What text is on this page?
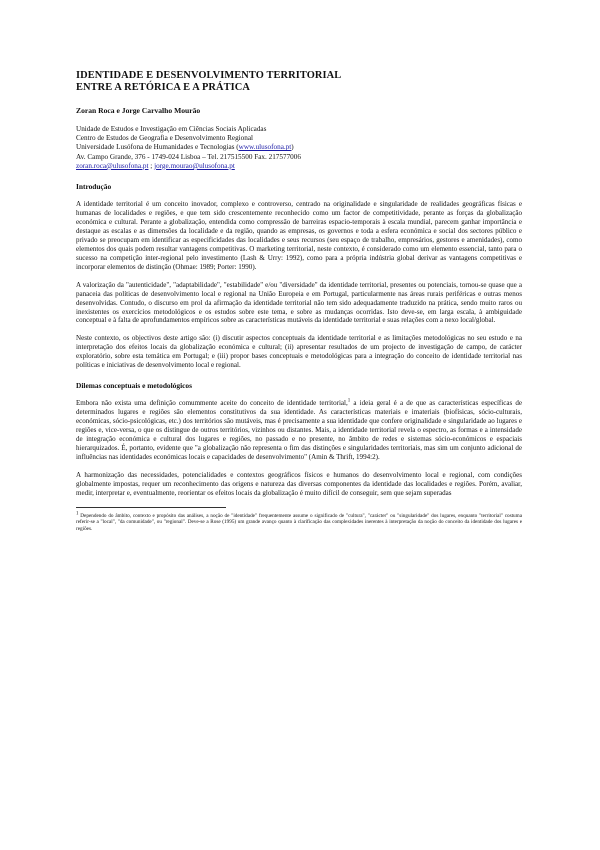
IDENTIDADE E DESENVOLVIMENTO TERRITORIAL
ENTRE A RETÓRICA E A PRÁTICA
Zoran Roca e Jorge Carvalho Mourão
Unidade de Estudos e Investigação em Ciências Sociais Aplicadas
Centro de Estudos de Geografia e Desenvolvimento Regional
Universidade Lusófona de Humanidades e Tecnologias (www.ulusofona.pt)
Av. Campo Grande, 376 - 1749-024 Lisboa – Tel. 217515500 Fax. 217577006
zoran.roca@ulusofona.pt ; jorge.mourao@ulusofona.pt
Introdução

A identidade territorial é um conceito inovador, complexo e controverso, centrado na originalidade e singularidade de realidades geográficas físicas e humanas de localidades e regiões, e que tem sido crescentemente reconhecido como um factor de competitividade, perante as forças da globalização económica e cultural. Perante a globalização, entendida como compressão de barreiras espacio-temporais à escala mundial, parecem ganhar importância e destaque as escalas e as dimensões da localidade e da região, quando as empresas, os governos e toda a esfera económica e social dos sectores público e privado se preocupam em identificar as especificidades das localidades e seus recursos (seu espaço de trabalho, empresários, gestores e amenidades), como elementos dos quais podem resultar vantagens competitivas. O marketing territorial, neste contexto, é considerado como um elemento essencial, tanto para o sucesso na competição inter-regional pelo investimento (Lash & Urry: 1992), como para a própria indústria global derivar as vantagens competitivas e incorporar elementos de distinção (Ohmae: 1989; Porter: 1990).

A valorização da "autenticidade", "adaptabilidade", "estabilidade" e/ou "diversidade" da identidade territorial, presentes ou potenciais, tornou-se quase que a panaceia das políticas de desenvolvimento local e regional na União Europeia e em Portugal, particularmente nas áreas rurais periféricas e outras menos desenvolvidas. Contudo, o discurso em prol da afirmação da identidade territorial não tem sido adequadamente traduzido na prática, sendo muito raros ou inexistentes os exercícios metodológicos e os estudos sobre este tema, e sobre as mudanças ocorridas. Isto deve-se, em larga escala, à ambiguidade conceptual e à falta de aprofundamentos empíricos sobre as características mutáveis da identidade territorial e suas relações com a nexo local/global.

Neste contexto, os objectivos deste artigo são: (i) discutir aspectos conceptuais da identidade territorial e as limitações metodológicas no seu estudo e na interpretação dos efeitos locais da globalização económica e cultural; (ii) apresentar resultados de um projecto de investigação de campo, de carácter exploratório, sobre esta temática em Portugal; e (iii) propor bases conceptuais e metodológicas para a integração do conceito de identidade territorial nas políticas e iniciativas de desenvolvimento local e regional.

Dilemas conceptuais e metodológicos

Embora não exista uma definição comummente aceite do conceito de identidade territorial,$^1$ a ideia geral é a de que as características específicas de determinados lugares e regiões são elementos constitutivos da sua identidade. As características materiais e imateriais (biofísicas, sócio-culturais, económicas, sócio-psicológicas, etc.) dos territórios são mutáveis, mas é precisamente a sua identidade que confere originalidade e singularidade ao lugares e regiões e, vice-versa, o que os distingue de outros territórios, vizinhos ou distantes. Mais, a identidade territorial revela o espectro, as formas e a intensidade de integração económica e cultural dos lugares e regiões, no passado e no presente, no âmbito de redes e sistemas sócio-económicos e espaciais hierarquizados. É, portanto, evidente que "a globalização não representa o fim das distinções e singularidades territoriais, mas sim um conjunto adicional de influências nas identidades económicas locais e capacidades de desenvolvimento" (Amin & Thrift, 1994:2).

A harmonização das necessidades, potencialidades e contextos geográficos físicos e humanos do desenvolvimento local e regional, com condições globalmente impostas, requer um reconhecimento das origens e natureza das diversas componentes da identidade das localidades e regiões. Porém, avaliar, medir, interpretar e, eventualmente, reorientar os efeitos locais da globalização é muito difícil de conseguir, sem que sejam superadas

1 Dependendo do âmbito, contexto e propósito das análises, a noção de "identidade" frequentemente assume o significado de "cultura", "carácter" ou "singularidade" dos lugares, enquanto "territorial" costuma referir-se a "local", "da comunidade", ou "regional". Deve-se a Rose (1995) um grande avanço quanto à clarificação das complexidades inerentes à interpretação da noção do conceito da identidade dos lugares e regiões.
